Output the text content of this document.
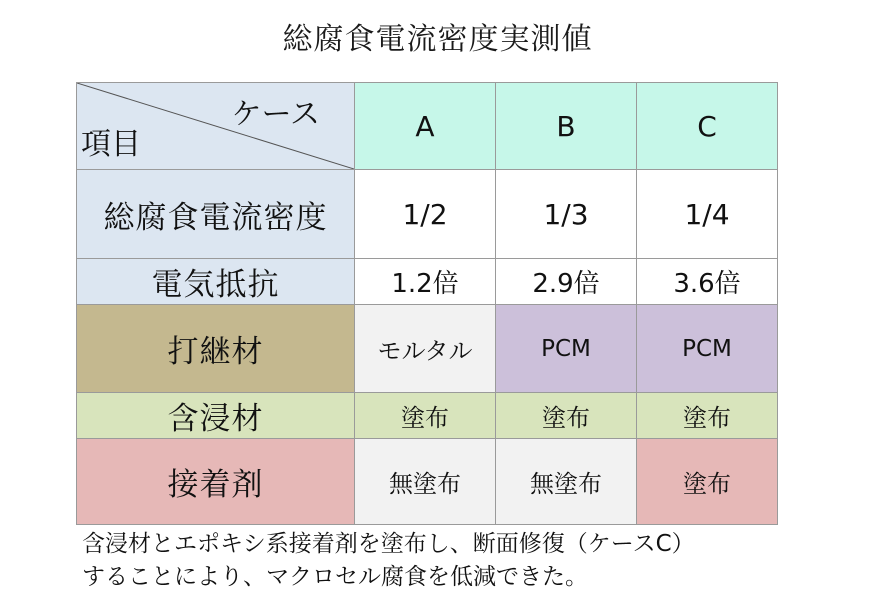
総腐食電流密度実測値
ケース
項目	A	B	C
総腐食電流密度	1/2	1/3	1/4
電気抵抗	1.2倍	2.9倍	3.6倍
打継材	モルタル	PCM	PCM
含浸材	塗布	塗布	塗布
接着剤	無塗布	無塗布	塗布
含浸材とエポキシ系接着剤を塗布し、断面修復（ケースC）
することにより、マクロセル腐食を低減できた。
